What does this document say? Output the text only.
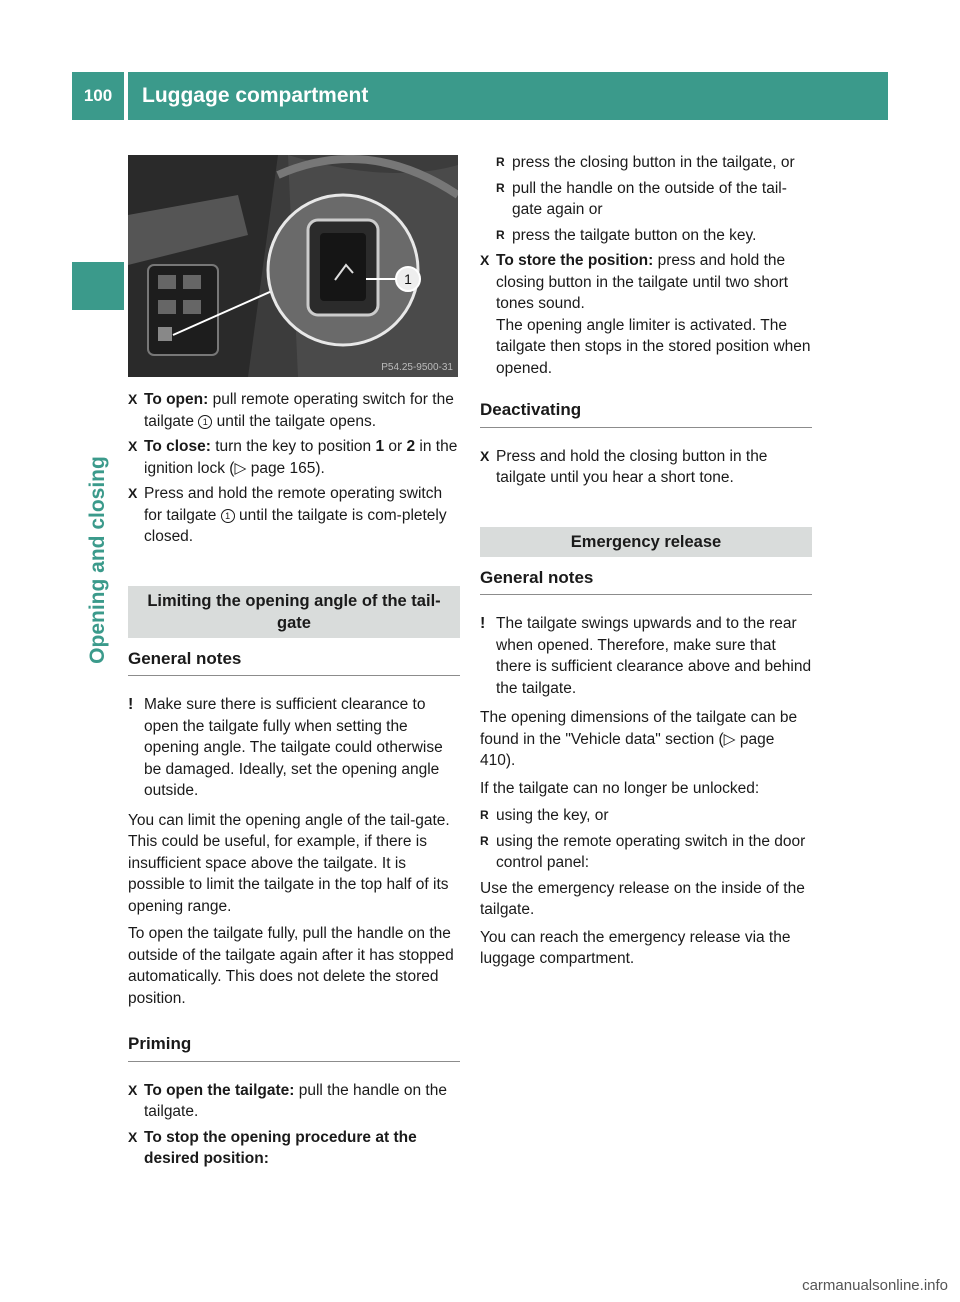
100	Luggage compartment
Opening and closing
1
P54.25-9500-31
X To open: pull remote operating switch for the tailgate 1 until the tailgate opens.
X To close: turn the key to position 1 or 2 in the ignition lock (▷ page 165).
X Press and hold the remote operating switch for tailgate 1 until the tailgate is com-pletely closed.
Limiting the opening angle of the tail-gate
General notes
! Make sure there is sufficient clearance to open the tailgate fully when setting the opening angle. The tailgate could otherwise be damaged. Ideally, set the opening angle outside.

You can limit the opening angle of the tail-gate. This could be useful, for example, if there is insufficient space above the tailgate. It is possible to limit the tailgate in the top half of its opening range.

To open the tailgate fully, pull the handle on the outside of the tailgate again after it has stopped automatically. This does not delete the stored position.

Priming
X To open the tailgate: pull the handle on the tailgate.
X To stop the opening procedure at the desired position:
R press the closing button in the tailgate, or
R pull the handle on the outside of the tail-gate again or
R press the tailgate button on the key.
X To store the position: press and hold the closing button in the tailgate until two short tones sound.
The opening angle limiter is activated. The tailgate then stops in the stored position when opened.
Deactivating
X Press and hold the closing button in the tailgate until you hear a short tone.
Emergency release
General notes
! The tailgate swings upwards and to the rear when opened. Therefore, make sure that there is sufficient clearance above and behind the tailgate.

The opening dimensions of the tailgate can be found in the "Vehicle data" section (▷ page 410).

If the tailgate can no longer be unlocked:

R using the key, or
R using the remote operating switch in the door control panel:

Use the emergency release on the inside of the tailgate.

You can reach the emergency release via the luggage compartment.

carmanualsonline.info
